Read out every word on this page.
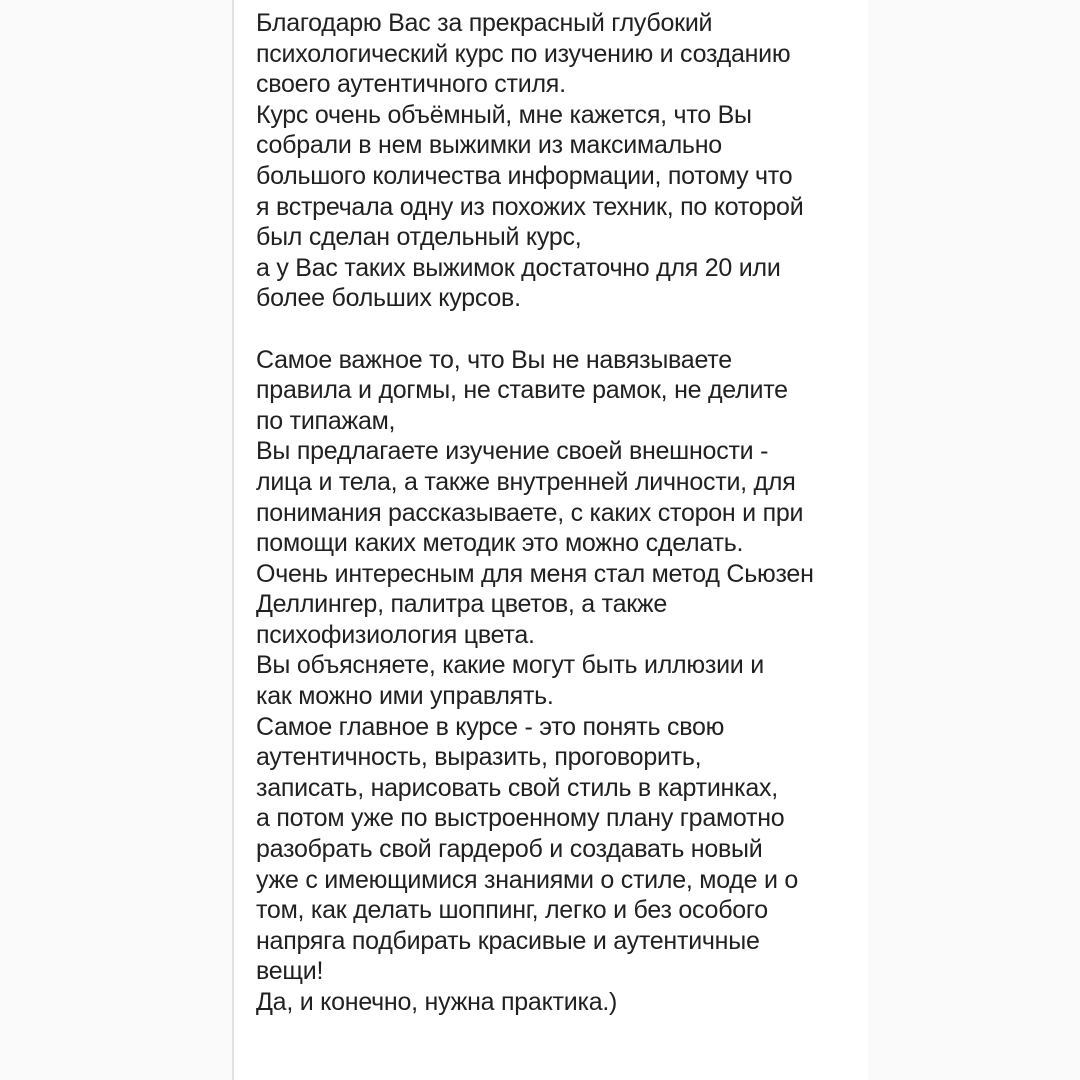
Благодарю Вас за прекрасный глубокий
психологический курс по изучению и созданию
своего аутентичного стиля.
Курс очень объёмный, мне кажется, что Вы
собрали в нем выжимки из максимально
большого количества информации, потому что
я встречала одну из похожих техник, по которой
был сделан отдельный курс,
а у Вас таких выжимок достаточно для 20 или
более больших курсов.
Самое важное то, что Вы не навязываете
правила и догмы, не ставите рамок, не делите
по типажам,
Вы предлагаете изучение своей внешности -
лица и тела, а также внутренней личности, для
понимания рассказываете, с каких сторон и при
помощи каких методик это можно сделать.
Очень интересным для меня стал метод Сьюзен
Деллингер, палитра цветов, а также
психофизиология цвета.
Вы объясняете, какие могут быть иллюзии и
как можно ими управлять.
Самое главное в курсе - это понять свою
аутентичность, выразить, проговорить,
записать, нарисовать свой стиль в картинках,
а потом уже по выстроенному плану грамотно
разобрать свой гардероб и создавать новый
уже с имеющимися знаниями о стиле, моде и о
том, как делать шоппинг, легко и без особого
напряга подбирать красивые и аутентичные
вещи!
Да, и конечно, нужна практика.)
